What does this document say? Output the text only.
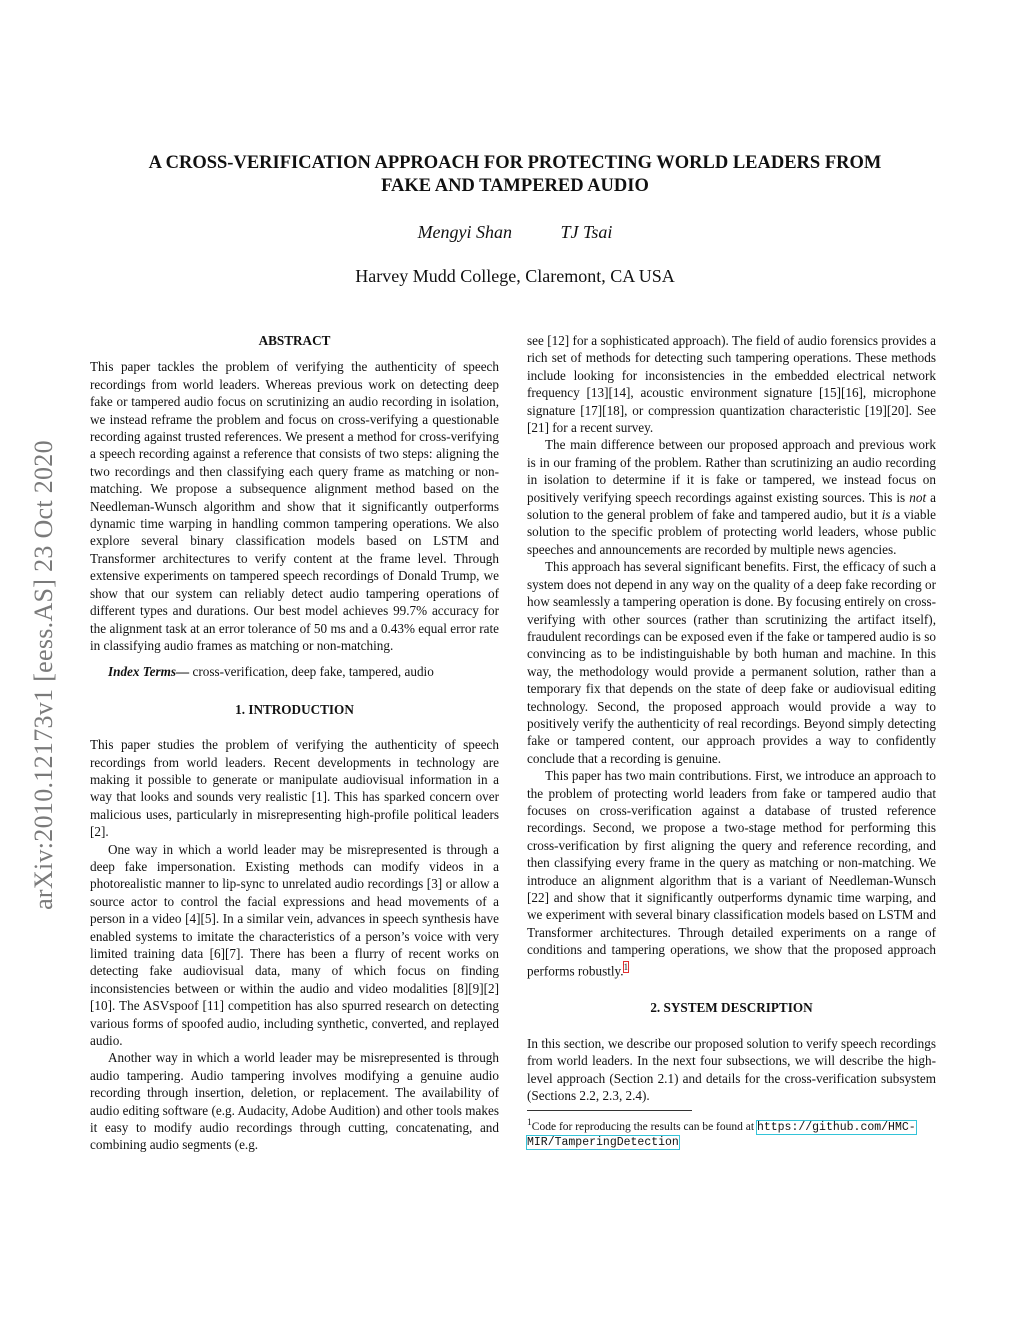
arXiv:2010.12173v1 [eess.AS] 23 Oct 2020
A CROSS-VERIFICATION APPROACH FOR PROTECTING WORLD LEADERS FROM
FAKE AND TAMPERED AUDIO
Mengyi Shan	TJ Tsai
Harvey Mudd College, Claremont, CA USA
ABSTRACT

This paper tackles the problem of verifying the authenticity of speech recordings from world leaders. Whereas previous work on detecting deep fake or tampered audio focus on scrutinizing an audio recording in isolation, we instead reframe the problem and focus on cross-verifying a questionable recording against trusted references. We present a method for cross-verifying a speech recording against a reference that consists of two steps: aligning the two recordings and then classifying each query frame as matching or non-matching. We propose a subsequence alignment method based on the Needleman-Wunsch algorithm and show that it significantly outperforms dynamic time warping in handling common tampering operations. We also explore several binary classification models based on LSTM and Transformer architectures to verify content at the frame level. Through extensive experiments on tampered speech recordings of Donald Trump, we show that our system can reliably detect audio tampering operations of different types and durations. Our best model achieves 99.7% accuracy for the alignment task at an error tolerance of 50 ms and a 0.43% equal error rate in classifying audio frames as matching or non-matching.

Index Terms— cross-verification, deep fake, tampered, audio

1. INTRODUCTION

This paper studies the problem of verifying the authenticity of speech recordings from world leaders. Recent developments in technology are making it possible to generate or manipulate audiovisual information in a way that looks and sounds very realistic [1]. This has sparked concern over malicious uses, particularly in misrepresenting high-profile political leaders [2].

One way in which a world leader may be misrepresented is through a deep fake impersonation. Existing methods can modify videos in a photorealistic manner to lip-sync to unrelated audio recordings [3] or allow a source actor to control the facial expressions and head movements of a person in a video [4][5]. In a similar vein, advances in speech synthesis have enabled systems to imitate the characteristics of a person’s voice with very limited training data [6][7]. There has been a flurry of recent works on detecting fake audiovisual data, many of which focus on finding inconsistencies between or within the audio and video modalities [8][9][2][10]. The ASVspoof [11] competition has also spurred research on detecting various forms of spoofed audio, including synthetic, converted, and replayed audio.

Another way in which a world leader may be misrepresented is through audio tampering. Audio tampering involves modifying a genuine audio recording through insertion, deletion, or replacement. The availability of audio editing software (e.g. Audacity, Adobe Audition) and other tools makes it easy to modify audio recordings through cutting, concatenating, and combining audio segments (e.g.

see [12] for a sophisticated approach). The field of audio forensics provides a rich set of methods for detecting such tampering operations. These methods include looking for inconsistencies in the embedded electrical network frequency [13][14], acoustic environment signature [15][16], microphone signature [17][18], or compression quantization characteristic [19][20]. See [21] for a recent survey.

The main difference between our proposed approach and previous work is in our framing of the problem. Rather than scrutinizing an audio recording in isolation to determine if it is fake or tampered, we instead focus on positively verifying speech recordings against existing sources. This is not a solution to the general problem of fake and tampered audio, but it is a viable solution to the specific problem of protecting world leaders, whose public speeches and announcements are recorded by multiple news agencies.

This approach has several significant benefits. First, the efficacy of such a system does not depend in any way on the quality of a deep fake recording or how seamlessly a tampering operation is done. By focusing entirely on cross-verifying with other sources (rather than scrutinizing the artifact itself), fraudulent recordings can be exposed even if the fake or tampered audio is so convincing as to be indistinguishable by both human and machine. In this way, the methodology would provide a permanent solution, rather than a temporary fix that depends on the state of deep fake or audiovisual editing technology. Second, the proposed approach would provide a way to positively verify the authenticity of real recordings. Beyond simply detecting fake or tampered content, our approach provides a way to confidently conclude that a recording is genuine.

This paper has two main contributions. First, we introduce an approach to the problem of protecting world leaders from fake or tampered audio that focuses on cross-verification against a database of trusted reference recordings. Second, we propose a two-stage method for performing this cross-verification by first aligning the query and reference recording, and then classifying every frame in the query as matching or non-matching. We introduce an alignment algorithm that is a variant of Needleman-Wunsch [22] and show that it significantly outperforms dynamic time warping, and we experiment with several binary classification models based on LSTM and Transformer architectures. Through detailed experiments on a range of conditions and tampering operations, we show that the proposed approach performs robustly.$^1$

2. SYSTEM DESCRIPTION

In this section, we describe our proposed solution to verify speech recordings from world leaders. In the next four subsections, we will describe the high-level approach (Section 2.1) and details for the cross-verification subsystem (Sections 2.2, 2.3, 2.4).

$^1$Code for reproducing the results can be found at https://github.com/HMC-MIR/TamperingDetection
